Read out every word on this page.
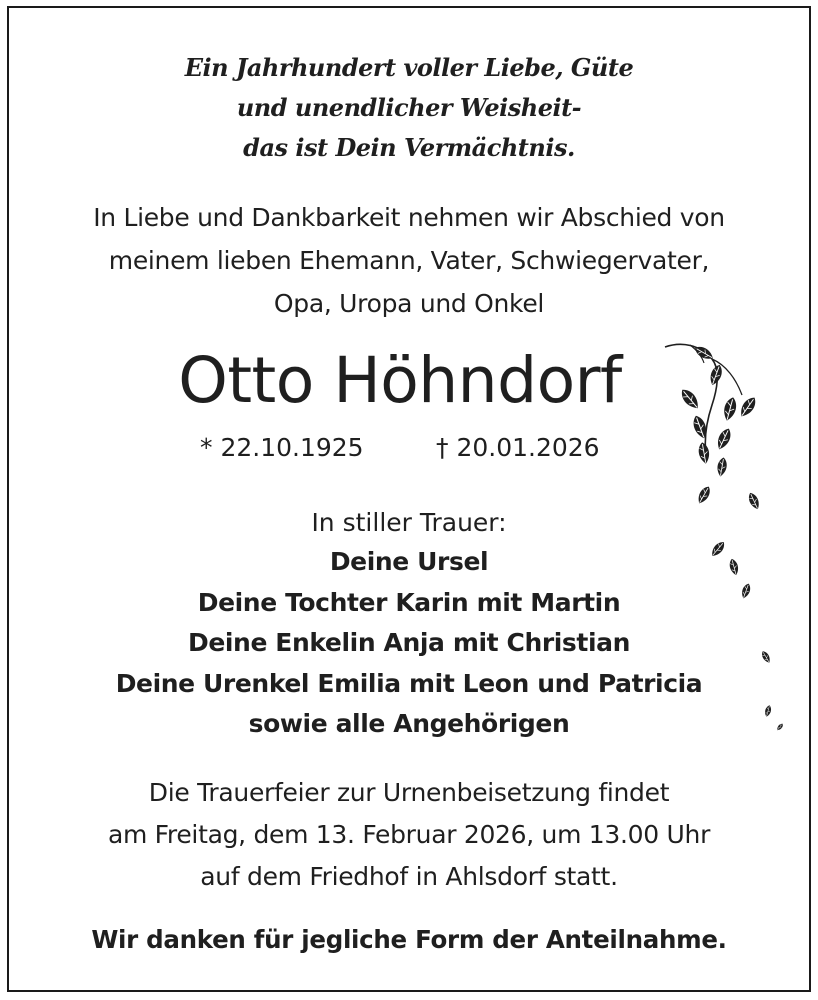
Ein Jahrhundert voller Liebe, Güte
und unendlicher Weisheit-
das ist Dein Vermächtnis.
In Liebe und Dankbarkeit nehmen wir Abschied von
meinem lieben Ehemann, Vater, Schwiegervater,
Opa, Uropa und Onkel
Otto Höhndorf
* 22.10.1925	† 20.01.2026
In stiller Trauer:
Deine Ursel
Deine Tochter Karin mit Martin
Deine Enkelin Anja mit Christian
Deine Urenkel Emilia mit Leon und Patricia
sowie alle Angehörigen
Die Trauerfeier zur Urnenbeisetzung findet
am Freitag, dem 13. Februar 2026, um 13.00 Uhr
auf dem Friedhof in Ahlsdorf statt.
Wir danken für jegliche Form der Anteilnahme.
